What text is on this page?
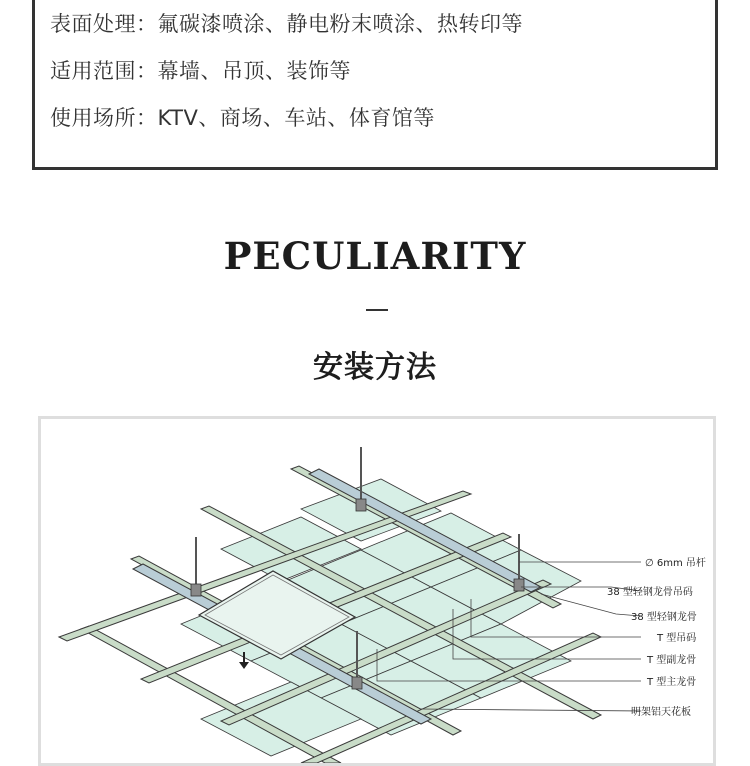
表面处理：氟碳漆喷涂、静电粉末喷涂、热转印等
适用范围：幕墙、吊顶、装饰等
使用场所：KTV、商场、车站、体育馆等
PECULIARITY
安装方法
∅ 6mm 吊杆
38 型轻钢龙骨吊码
38 型轻钢龙骨
T 型吊码
T 型副龙骨
T 型主龙骨
明架铝天花板
